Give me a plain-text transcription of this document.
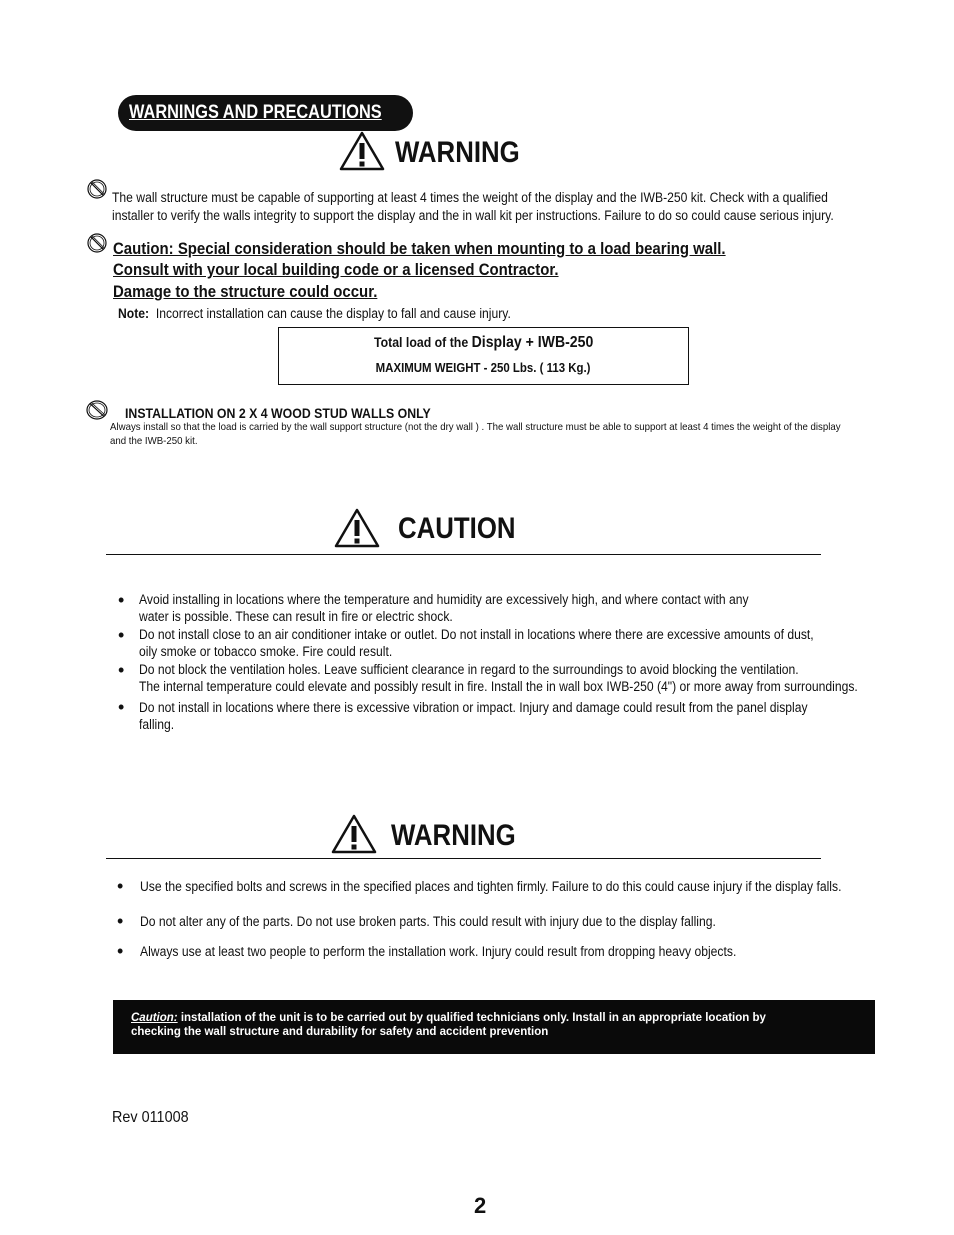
WARNINGS AND PRECAUTIONS
WARNING
The wall structure must be capable of supporting at least 4 times the weight of the display and the IWB-250 kit. Check with a qualified
installer to verify the walls integrity to support the display and the in wall kit per instructions. Failure to do so could cause serious injury.
Caution: Special consideration should be taken when mounting to a load bearing wall.
Consult with your local building code or a licensed Contractor.
Damage to the structure could occur.
Note: Incorrect installation can cause the display to fall and cause injury.
Total load of the Display + IWB-250
MAXIMUM WEIGHT - 250 Lbs. ( 113 Kg.)
INSTALLATION ON 2 X 4 WOOD STUD WALLS ONLY
Always install so that the load is carried by the wall support structure (not the dry wall ) . The wall structure must be able to support at least 4 times the weight of the display
and the IWB-250 kit.
CAUTION
• Avoid installing in locations where the temperature and humidity are excessively high, and where contact with any
water is possible. These can result in fire or electric shock.
• Do not install close to an air conditioner intake or outlet. Do not install in locations where there are excessive amounts of dust,
oily smoke or tobacco smoke. Fire could result.
• Do not block the ventilation holes. Leave sufficient clearance in regard to the surroundings to avoid blocking the ventilation.
The internal temperature could elevate and possibly result in fire. Install the in wall box IWB-250 (4") or more away from surroundings.
• Do not install in locations where there is excessive vibration or impact. Injury and damage could result from the panel display
falling.
WARNING
• Use the specified bolts and screws in the specified places and tighten firmly. Failure to do this could cause injury if the display falls.
• Do not alter any of the parts. Do not use broken parts. This could result with injury due to the display falling.
• Always use at least two people to perform the installation work. Injury could result from dropping heavy objects.
Caution: installation of the unit is to be carried out by qualified technicians only. Install in an appropriate location by
checking the wall structure and durability for safety and accident prevention
Rev 011008
2
